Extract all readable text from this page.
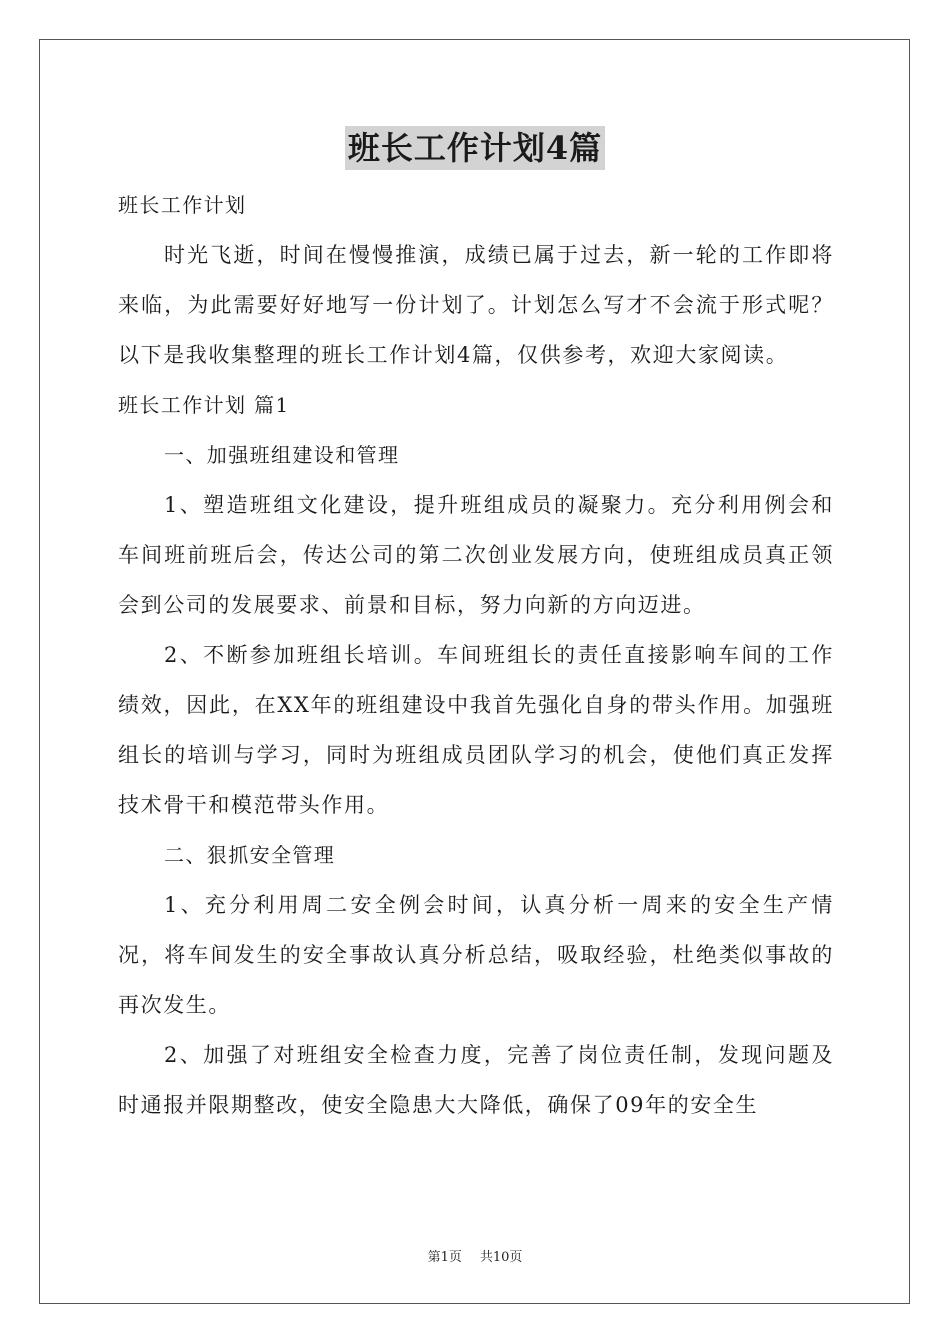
班长工作计划4篇

班长工作计划

时光飞逝，时间在慢慢推演，成绩已属于过去，新一轮的工作即将来临，为此需要好好地写一份计划了。计划怎么写才不会流于形式呢？以下是我收集整理的班长工作计划4篇，仅供参考，欢迎大家阅读。

班长工作计划 篇1

一、加强班组建设和管理

1、塑造班组文化建设，提升班组成员的凝聚力。充分利用例会和车间班前班后会，传达公司的第二次创业发展方向，使班组成员真正领会到公司的发展要求、前景和目标，努力向新的方向迈进。

2、不断参加班组长培训。车间班组长的责任直接影响车间的工作绩效，因此，在XX年的班组建设中我首先强化自身的带头作用。加强班组长的培训与学习，同时为班组成员团队学习的机会，使他们真正发挥技术骨干和模范带头作用。

二、狠抓安全管理

1、充分利用周二安全例会时间，认真分析一周来的安全生产情况，将车间发生的安全事故认真分析总结，吸取经验，杜绝类似事故的再次发生。

2、加强了对班组安全检查力度，完善了岗位责任制，发现问题及时通报并限期整改，使安全隐患大大降低，确保了09年的安全生

第1页 共10页
